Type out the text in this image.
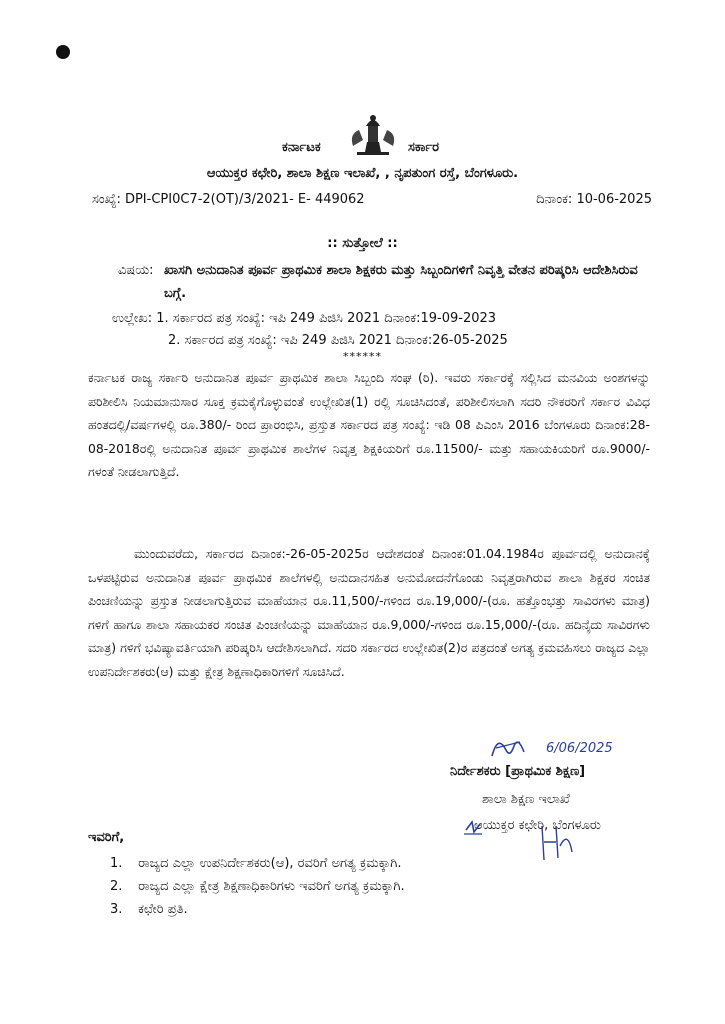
ಕರ್ನಾಟಕ	ಸರ್ಕಾರ
ಆಯುಕ್ತರ ಕಛೇರಿ, ಶಾಲಾ ಶಿಕ್ಷಣ ಇಲಾಖೆ, , ನೃಪತುಂಗ ರಸ್ತೆ, ಬೆಂಗಳೂರು.
ಸಂಖ್ಯೆ: DPI-CPI0C7-2(OT)/3/2021- E- 449062	ದಿನಾಂಕ: 10-06-2025
:: ಸುತ್ತೋಲೆ ::
ವಿಷಯ: ಖಾಸಗಿ ಅನುದಾನಿತ ಪೂರ್ವ ಪ್ರಾಥಮಿಕ ಶಾಲಾ ಶಿಕ್ಷಕರು ಮತ್ತು ಸಿಬ್ಬಂದಿಗಳಿಗೆ ನಿವೃತ್ತಿ ವೇತನ ಪರಿಷ್ಕರಿಸಿ ಆದೇಶಿಸಿರುವ ಬಗ್ಗೆ.
ಉಲ್ಲೇಖ: 1. ಸರ್ಕಾರದ ಪತ್ರ ಸಂಖ್ಯೆ: ಇಪಿ 249 ಪಿಜಿಸಿ 2021 ದಿನಾಂಕ:19-09-2023
2. ಸರ್ಕಾರದ ಪತ್ರ ಸಂಖ್ಯೆ: ಇಪಿ 249 ಪಿಜಿಸಿ 2021 ದಿನಾಂಕ:26-05-2025
******
ಕರ್ನಾಟಕ ರಾಜ್ಯ ಸರ್ಕಾರಿ ಅನುದಾನಿತ ಪೂರ್ವ ಪ್ರಾಥಮಿಕ ಶಾಲಾ ಸಿಬ್ಬಂದಿ ಸಂಘ (ರಿ). ಇವರು ಸರ್ಕಾರಕ್ಕೆ ಸಲ್ಲಿಸಿದ ಮನವಿಯ ಅಂಶಗಳನ್ನು ಪರಿಶೀಲಿಸಿ ನಿಯಮಾನುಸಾರ ಸೂಕ್ತ ಕ್ರಮಕೈಗೊಳ್ಳುವಂತೆ ಉಲ್ಲೇಖಿತ(1) ರಲ್ಲಿ ಸೂಚಿಸಿದಂತೆ, ಪರಿಶೀಲಿಸಲಾಗಿ ಸದರಿ ನೌಕರರಿಗೆ ಸರ್ಕಾರ ವಿವಿಧ ಹಂತದಲ್ಲಿ/ವರ್ಷಗಳಲ್ಲಿ ರೂ.380/- ರಿಂದ ಪ್ರಾರಂಭಿಸಿ, ಪ್ರಸ್ತುತ ಸರ್ಕಾರದ ಪತ್ರ ಸಂಖ್ಯೆ: ಇಡಿ 08 ಪಿಎಂಸಿ 2016 ಬೆಂಗಳೂರು ದಿನಾಂಕ:28-08-2018ರಲ್ಲಿ ಅನುದಾನಿತ ಪೂರ್ವ ಪ್ರಾಥಮಿಕ ಶಾಲೆಗಳ ನಿವೃತ್ತ ಶಿಕ್ಷಕಿಯರಿಗೆ ರೂ.11500/- ಮತ್ತು ಸಹಾಯಕಿಯರಿಗೆ ರೂ.9000/- ಗಳಂತೆ ನೀಡಲಾಗುತ್ತಿದೆ.
ಮುಂದುವರೆದು, ಸರ್ಕಾರದ ದಿನಾಂಕ:-26-05-2025ರ ಆದೇಶದಂತೆ ದಿನಾಂಕ:01.04.1984ರ ಪೂರ್ವದಲ್ಲಿ ಅನುದಾನಕ್ಕೆ ಒಳಪಟ್ಟಿರುವ ಅನುದಾನಿತ ಪೂರ್ವ ಪ್ರಾಥಮಿಕ ಶಾಲೆಗಳಲ್ಲಿ ಅನುದಾನಸಹಿತ ಅನುಮೋದನೆಗೊಂಡು ನಿವೃತ್ತರಾಗಿರುವ ಶಾಲಾ ಶಿಕ್ಷಕರ ಸಂಚಿತ ಪಿಂಚಣಿಯನ್ನು ಪ್ರಸ್ತುತ ನೀಡಲಾಗುತ್ತಿರುವ ಮಾಹೆಯಾನ ರೂ.11,500/-ಗಳಿಂದ ರೂ.19,000/-(ರೂ. ಹತ್ತೊಂಭತ್ತು ಸಾವಿರಗಳು ಮಾತ್ರ) ಗಳಿಗೆ ಹಾಗೂ ಶಾಲಾ ಸಹಾಯಕರ ಸಂಚಿತ ಪಿಂಚಣಿಯನ್ನು ಮಾಹೆಯಾನ ರೂ.9,000/-ಗಳಿಂದ ರೂ.15,000/-(ರೂ. ಹದಿನೈದು ಸಾವಿರಗಳು ಮಾತ್ರ) ಗಳಿಗೆ ಭವಿಷ್ಯಾವರ್ತಿಯಾಗಿ ಪರಿಷ್ಕರಿಸಿ ಆದೇಶಿಸಲಾಗಿದೆ. ಸದರಿ ಸರ್ಕಾರದ ಉಲ್ಲೇಖಿತ(2)ರ ಪತ್ರದಂತೆ ಅಗತ್ಯ ಕ್ರಮವಹಿಸಲು ರಾಜ್ಯದ ಎಲ್ಲಾ ಉಪನಿರ್ದೇಶಕರು(ಆ) ಮತ್ತು ಕ್ಷೇತ್ರ ಶಿಕ್ಷಣಾಧಿಕಾರಿಗಳಿಗೆ ಸೂಚಿಸಿದೆ.
6/06/2025
ನಿರ್ದೇಶಕರು [ಪ್ರಾಥಮಿಕ ಶಿಕ್ಷಣ]
ಶಾಲಾ ಶಿಕ್ಷಣ ಇಲಾಖೆ
ಆಯುಕ್ತರ ಕಛೇರಿ, ಬೆಂಗಳೂರು
ಇವರಿಗೆ,
1. ರಾಜ್ಯದ ಎಲ್ಲಾ ಉಪನಿರ್ದೇಶಕರು(ಆ), ರವರಿಗೆ ಅಗತ್ಯ ಕ್ರಮಕ್ಕಾಗಿ.
2. ರಾಜ್ಯದ ಎಲ್ಲಾ ಕ್ಷೇತ್ರ ಶಿಕ್ಷಣಾಧಿಕಾರಿಗಳು ಇವರಿಗೆ ಅಗತ್ಯ ಕ್ರಮಕ್ಕಾಗಿ.
3. ಕಛೇರಿ ಪ್ರತಿ.
